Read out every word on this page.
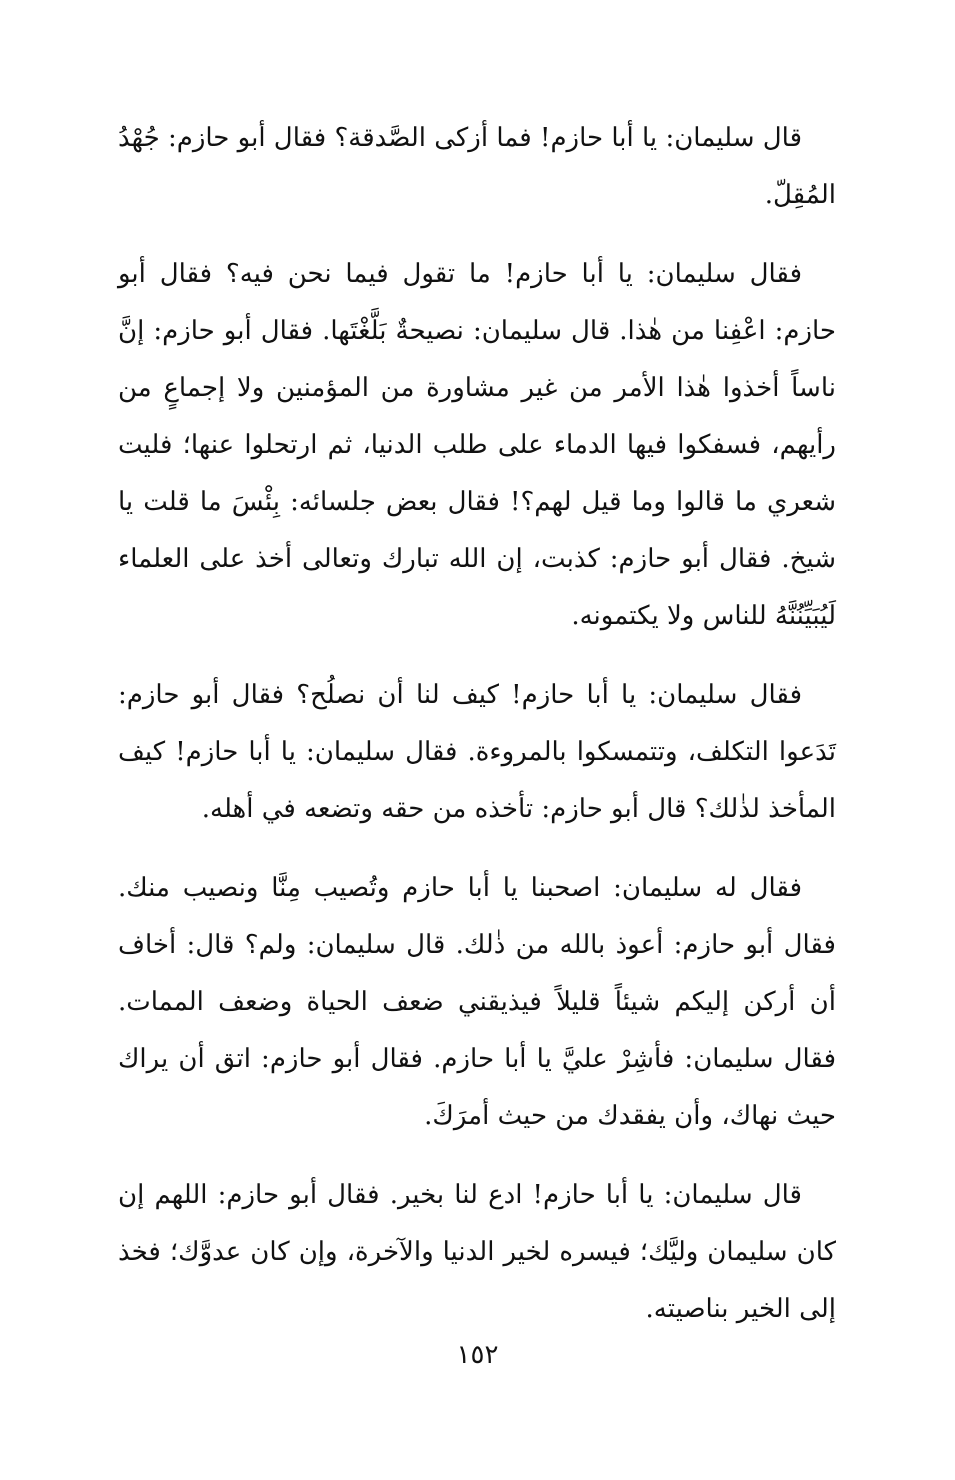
قال سليمان: يا أبا حازم! فما أزكى الصَّدقة؟ فقال أبو حازم: جُهْدُ المُقِلّ.

فقال سليمان: يا أبا حازم! ما تقول فيما نحن فيه؟ فقال أبو حازم: اعْفِنا من هٰذا. قال سليمان: نصيحةٌ بَلَّغْتَها. فقال أبو حازم: إنَّ ناساً أخذوا هٰذا الأمر من غير مشاورة من المؤمنين ولا إجماعٍ من رأيهم، فسفكوا فيها الدماء على طلب الدنيا، ثم ارتحلوا عنها؛ فليت شعري ما قالوا وما قيل لهم؟! فقال بعض جلسائه: بِئْسَ ما قلت يا شيخ. فقال أبو حازم: كذبت، إن الله تبارك وتعالى أخذ على العلماء لَيُبَيِّنُنَّهُ للناس ولا يكتمونه.

فقال سليمان: يا أبا حازم! كيف لنا أن نصلُح؟ فقال أبو حازم: تَدَعوا التكلف، وتتمسكوا بالمروءة. فقال سليمان: يا أبا حازم! كيف المأخذ لذٰلك؟ قال أبو حازم: تأخذه من حقه وتضعه في أهله.

فقال له سليمان: اصحبنا يا أبا حازم وتُصيب مِنَّا ونصيب منك. فقال أبو حازم: أعوذ بالله من ذٰلك. قال سليمان: ولم؟ قال: أخاف أن أركن إليكم شيئاً قليلاً فيذيقني ضعف الحياة وضعف الممات. فقال سليمان: فأشِرْ عليَّ يا أبا حازم. فقال أبو حازم: اتق أن يراك حيث نهاك، وأن يفقدك من حيث أمرَكَ.

قال سليمان: يا أبا حازم! ادع لنا بخير. فقال أبو حازم: اللهم إن كان سليمان وليَّك؛ فيسره لخير الدنيا والآخرة، وإن كان عدوَّك؛ فخذ إلى الخير بناصيته.

١٥٢
